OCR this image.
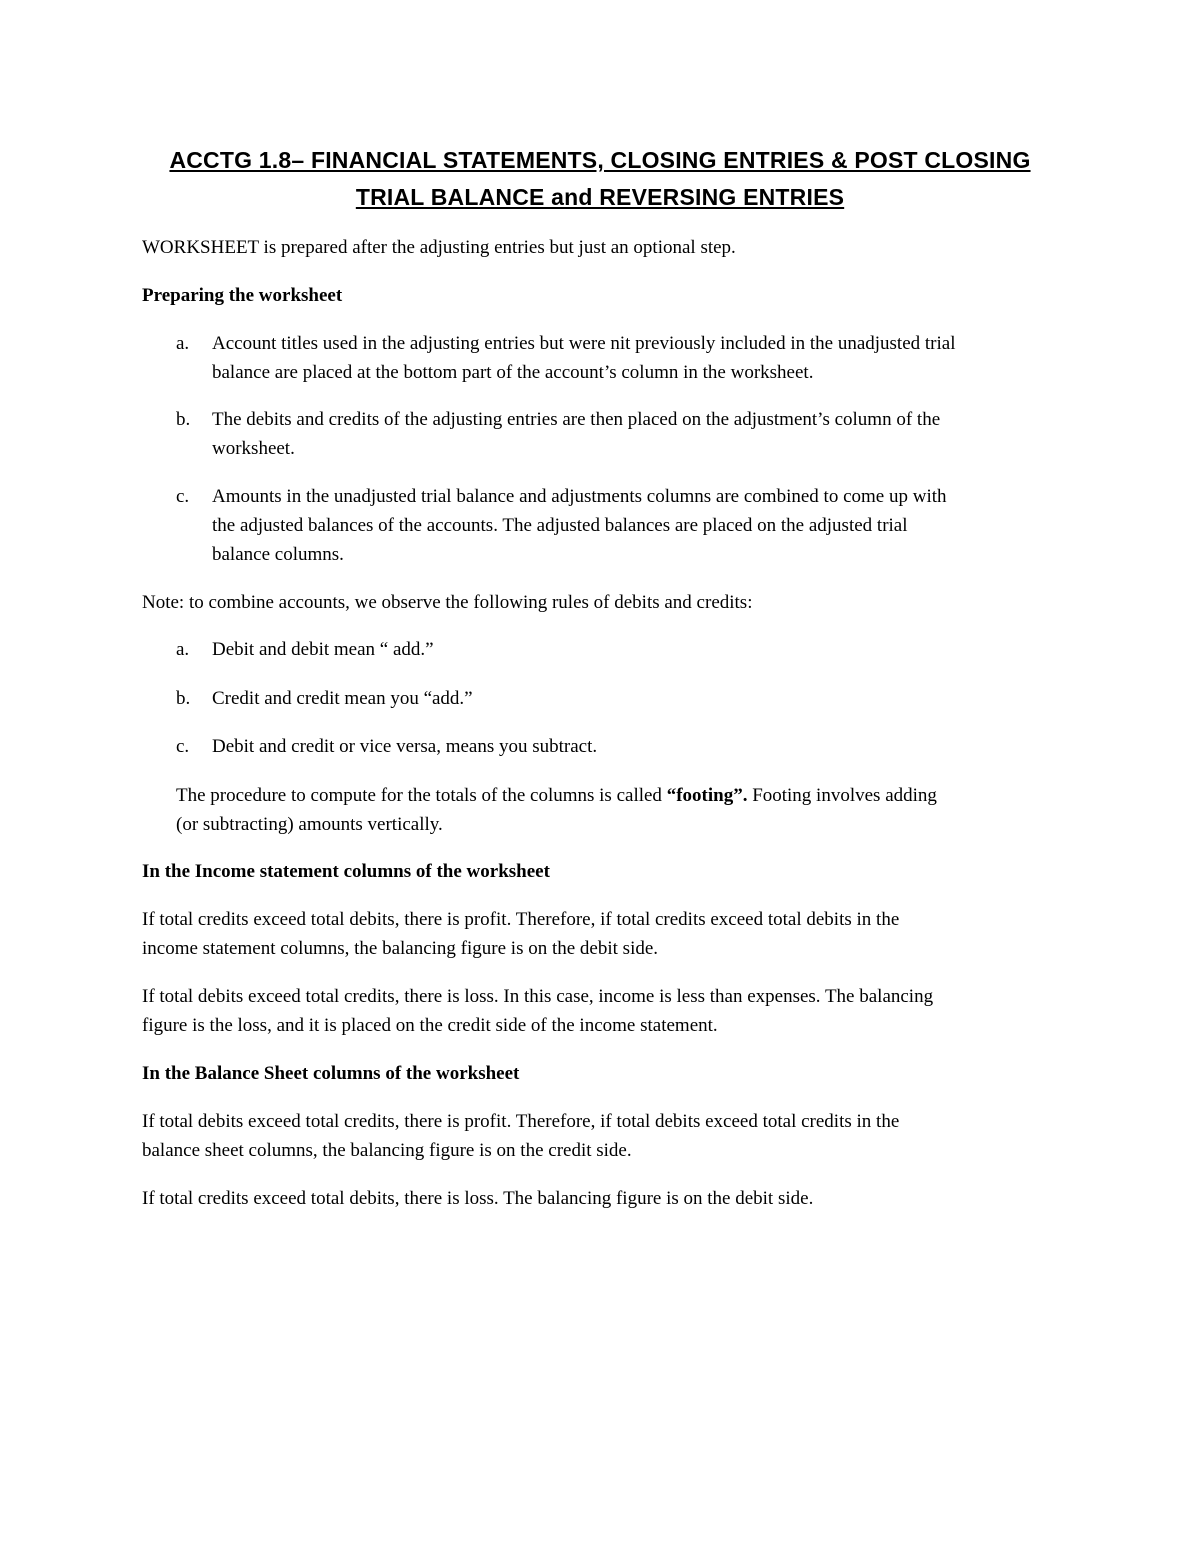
ACCTG 1.8– FINANCIAL STATEMENTS, CLOSING ENTRIES & POST CLOSING
TRIAL BALANCE and REVERSING ENTRIES
WORKSHEET is prepared after the adjusting entries but just an optional step.
Preparing the worksheet
a. Account titles used in the adjusting entries but were nit previously included in the unadjusted trial
balance are placed at the bottom part of the account’s column in the worksheet.
b. The debits and credits of the adjusting entries are then placed on the adjustment’s column of the
worksheet.
c. Amounts in the unadjusted trial balance and adjustments columns are combined to come up with
the adjusted balances of the accounts. The adjusted balances are placed on the adjusted trial
balance columns.
Note: to combine accounts, we observe the following rules of debits and credits:
a. Debit and debit mean “ add.”
b. Credit and credit mean you “add.”
c. Debit and credit or vice versa, means you subtract.
The procedure to compute for the totals of the columns is called “footing”. Footing involves adding
(or subtracting) amounts vertically.
In the Income statement columns of the worksheet
If total credits exceed total debits, there is profit. Therefore, if total credits exceed total debits in the
income statement columns, the balancing figure is on the debit side.
If total debits exceed total credits, there is loss. In this case, income is less than expenses. The balancing
figure is the loss, and it is placed on the credit side of the income statement.
In the Balance Sheet columns of the worksheet
If total debits exceed total credits, there is profit. Therefore, if total debits exceed total credits in the
balance sheet columns, the balancing figure is on the credit side.
If total credits exceed total debits, there is loss. The balancing figure is on the debit side.
